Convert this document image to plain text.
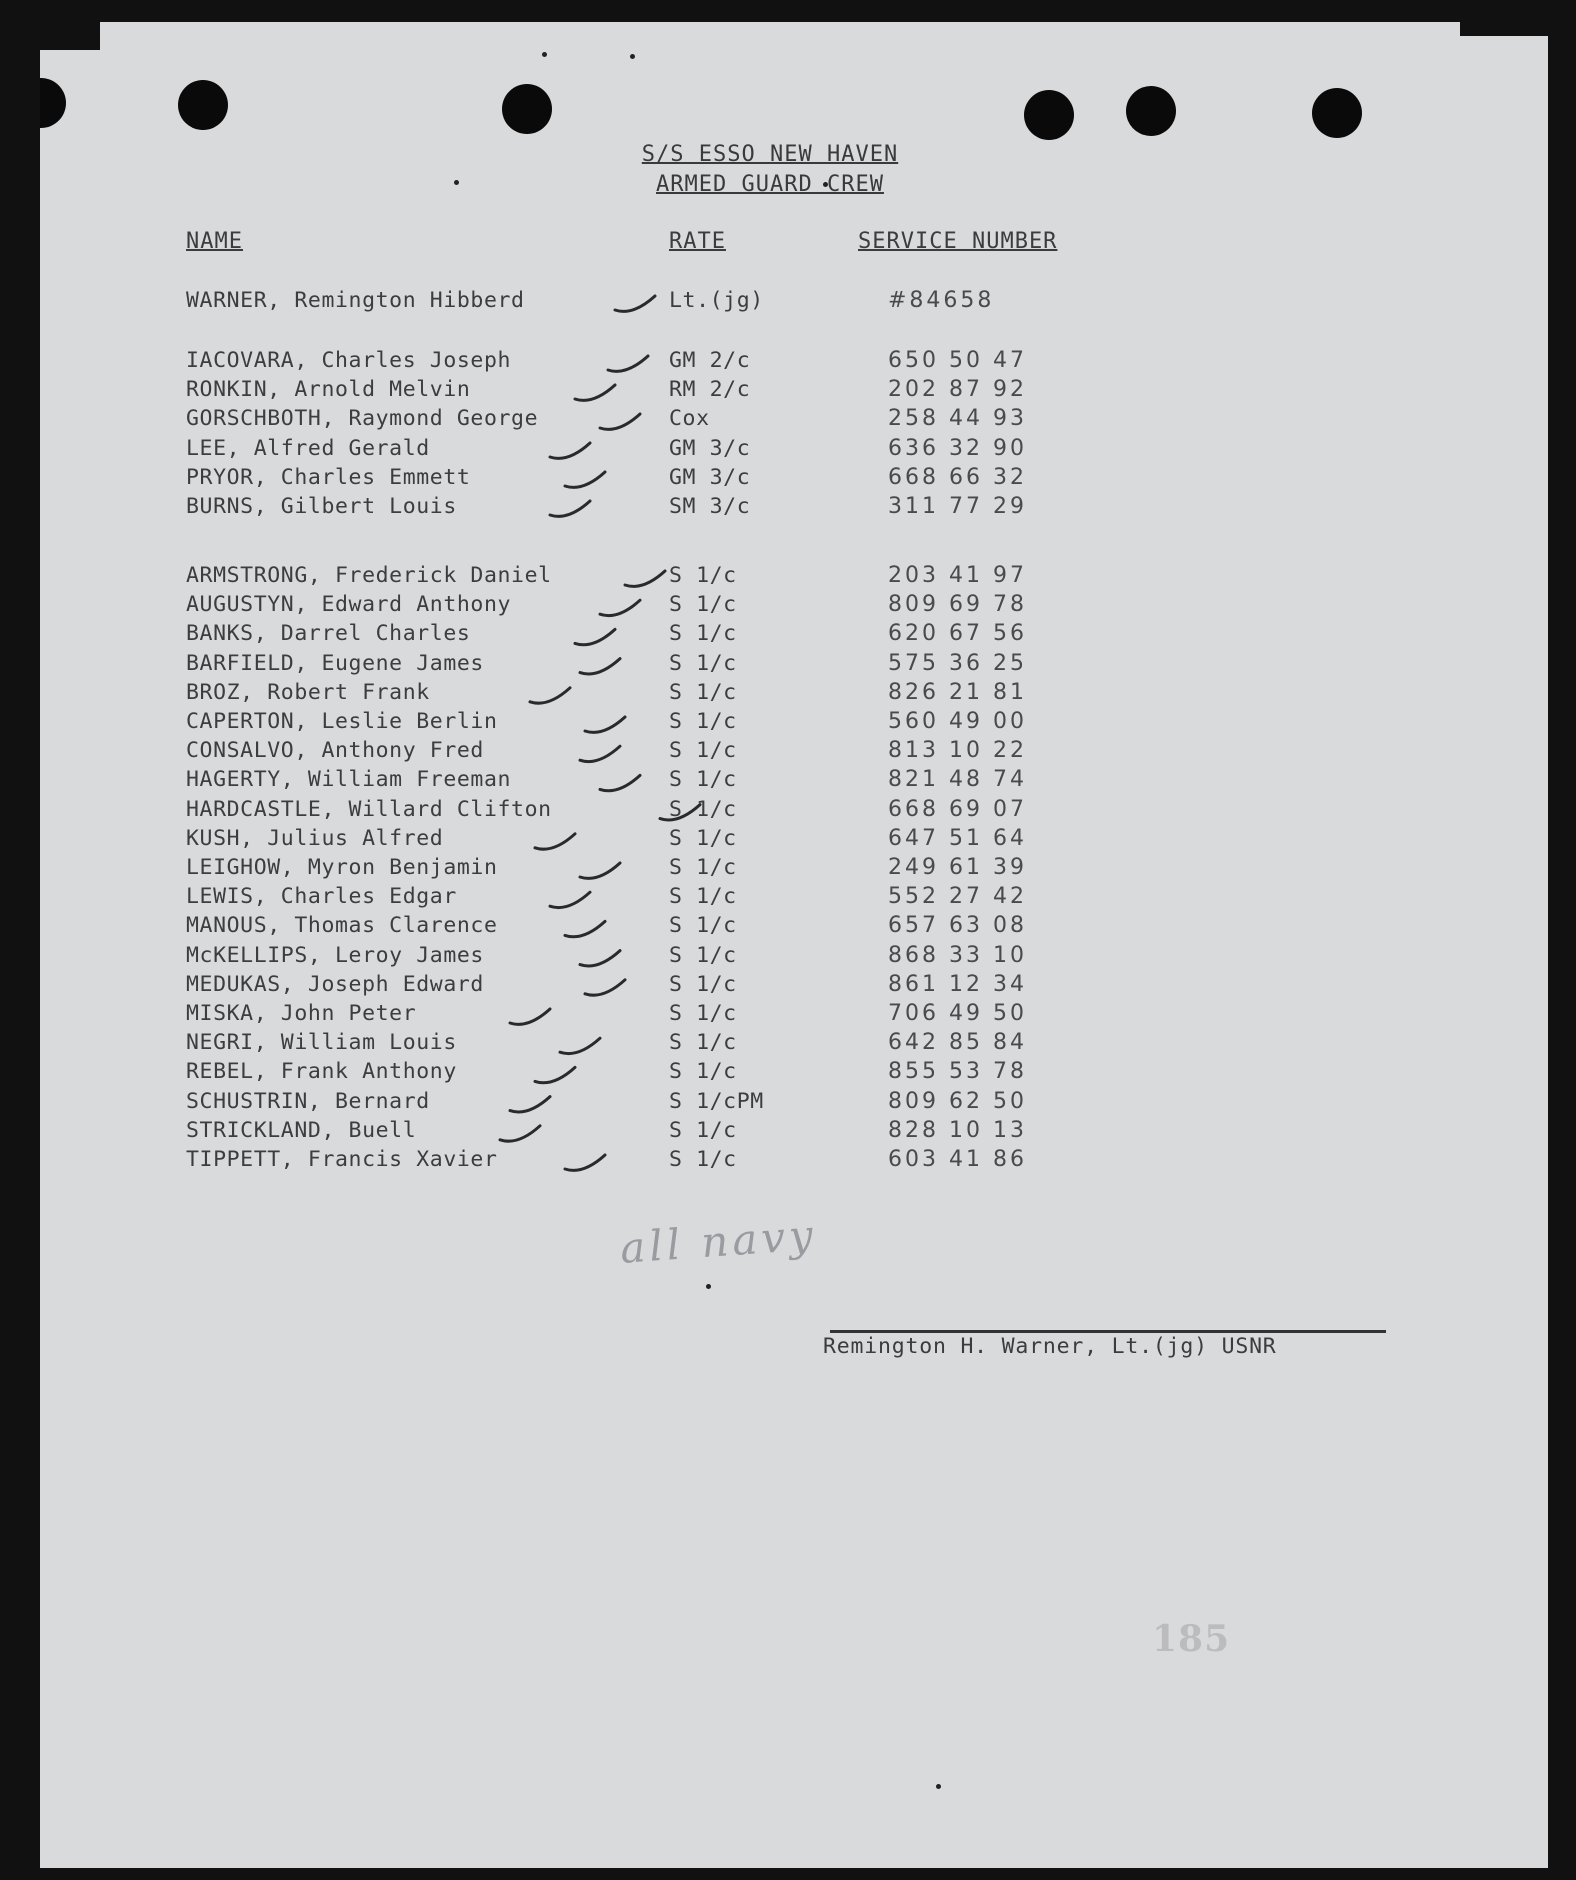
S/S ESSO NEW HAVEN
ARMED GUARD CREW
NAME	RATE	SERVICE NUMBER
WARNER, Remington Hibberd	Lt.(jg)	#84658
IACOVARA, Charles Joseph	GM 2/c	650 50 47
RONKIN, Arnold Melvin	RM 2/c	202 87 92
GORSCHBOTH, Raymond George	Cox	258 44 93
LEE, Alfred Gerald	GM 3/c	636 32 90
PRYOR, Charles Emmett	GM 3/c	668 66 32
BURNS, Gilbert Louis	SM 3/c	311 77 29
ARMSTRONG, Frederick Daniel	S 1/c	203 41 97
AUGUSTYN, Edward Anthony	S 1/c	809 69 78
BANKS, Darrel Charles	S 1/c	620 67 56
BARFIELD, Eugene James	S 1/c	575 36 25
BROZ, Robert Frank	S 1/c	826 21 81
CAPERTON, Leslie Berlin	S 1/c	560 49 00
CONSALVO, Anthony Fred	S 1/c	813 10 22
HAGERTY, William Freeman	S 1/c	821 48 74
HARDCASTLE, Willard Clifton	S 1/c	668 69 07
KUSH, Julius Alfred	S 1/c	647 51 64
LEIGHOW, Myron Benjamin	S 1/c	249 61 39
LEWIS, Charles Edgar	S 1/c	552 27 42
MANOUS, Thomas Clarence	S 1/c	657 63 08
McKELLIPS, Leroy James	S 1/c	868 33 10
MEDUKAS, Joseph Edward	S 1/c	861 12 34
MISKA, John Peter	S 1/c	706 49 50
NEGRI, William Louis	S 1/c	642 85 84
REBEL, Frank Anthony	S 1/c	855 53 78
SCHUSTRIN, Bernard	S 1/cPM	809 62 50
STRICKLAND, Buell	S 1/c	828 10 13
TIPPETT, Francis Xavier	S 1/c	603 41 86
all navy
Remington H. Warner, Lt.(jg) USNR
185
